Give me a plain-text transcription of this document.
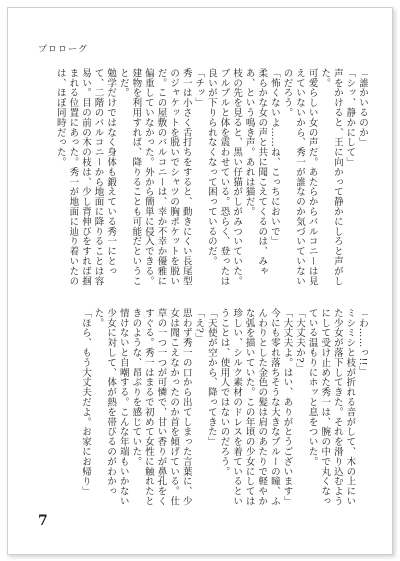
プロローグ
「誰かいるのか」
「シッ、静かにして」
声をかけると、王に向かって静かにしろと声がした。
可愛らしい女の声だ。あたらからバルコニーは見えていないから、秀一が誰なのか気づいていないのだろう。
「怖くないよ……ね、こっちにおいで」
柔らかな女の声と共に聞こえてくるのは、みゃあ、という鳴き声。あれは猫だ。
枝の先を見ると、黒い仔猫がしがみついていた。ブルブルと体を震わせている。恐らく、登ったは良いが下りられなくなって困っているのだ。
「チッ」
秀一は小さく舌打ちをすると、動きにくい長尾型のジャケットを脱いでシャツの胸ポケットを脱いだ。この屋敷のバルコニーは、幸か不幸か優雅に偏重していなかった。外から簡単に侵入できる。建物を利用すれば、降りることも可能だということだ。
勉学だけではなく身体も鍛えている秀一にとって、二階のバルコニーから地面に降りることは容易い。目の前の木の枝は、少し背伸びをすれば掴まれる位置にあった。秀一が地面に辿り着いたのは、ほぼ同時だった。
「わ……っ!!」
ミシミシと枝が折れる音がして、木の上にいた少女が落下してきた。それを滑り込むようにして受け止めた秀一は、腕の中で丸くなっている温もりにホッと息をついた。
「大丈夫か?」
「大丈夫よ。はい、ありがとうございます」
今にも零れ落ちそうな大きなブルーの瞳、ふんわりとした金色の髪は肩のあたりで軽やかな弧を描いていた。この年頃の少女にしては珍しい、シルク素材のドレスを着ているということは、使用人ではないのだろう。
「天使が空から、降ってきた」
「え?」
思わず秀一の口から出てしまった言葉に、少女は聞こえなかったのか首を傾げている。仕草の一つ一つが可憐で、甘い香りが鼻孔をくすぐる。秀一はまるで初めて女性に触れたときのような、昂ぶりを感じていた。
情けないと自嘲する。こんな年端もいかない少女に対して、体が熱を帯びるのがわかった。
「ほら、もう大丈夫だよ。お家にお帰り」
7
